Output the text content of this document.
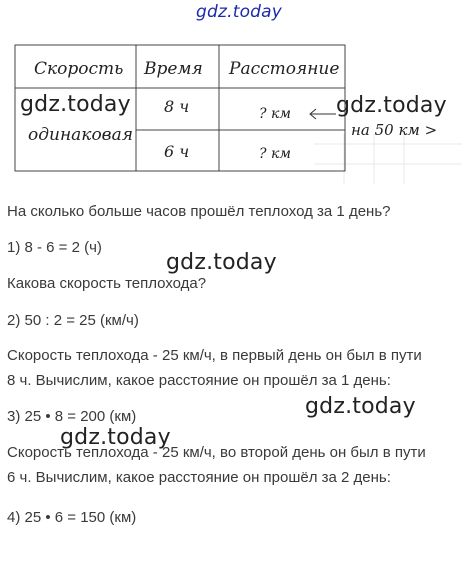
gdz.today
Скорость Время Расстояние
одинаковая
8 ч
6 ч
? км
? км
на 50 км >
gdz.today	gdz.today
gdz.today
gdz.today
gdz.today
На сколько больше часов прошёл теплоход за 1 день?
1) 8 - 6 = 2 (ч)
Какова скорость теплохода?
2) 50 : 2 = 25 (км/ч)
Скорость теплохода - 25 км/ч, в первый день он был в пути
8 ч. Вычислим, какое расстояние он прошёл за 1 день:
3) 25 • 8 = 200 (км)
Скорость теплохода - 25 км/ч, во второй день он был в пути
6 ч. Вычислим, какое расстояние он прошёл за 2 день:
4) 25 • 6 = 150 (км)
